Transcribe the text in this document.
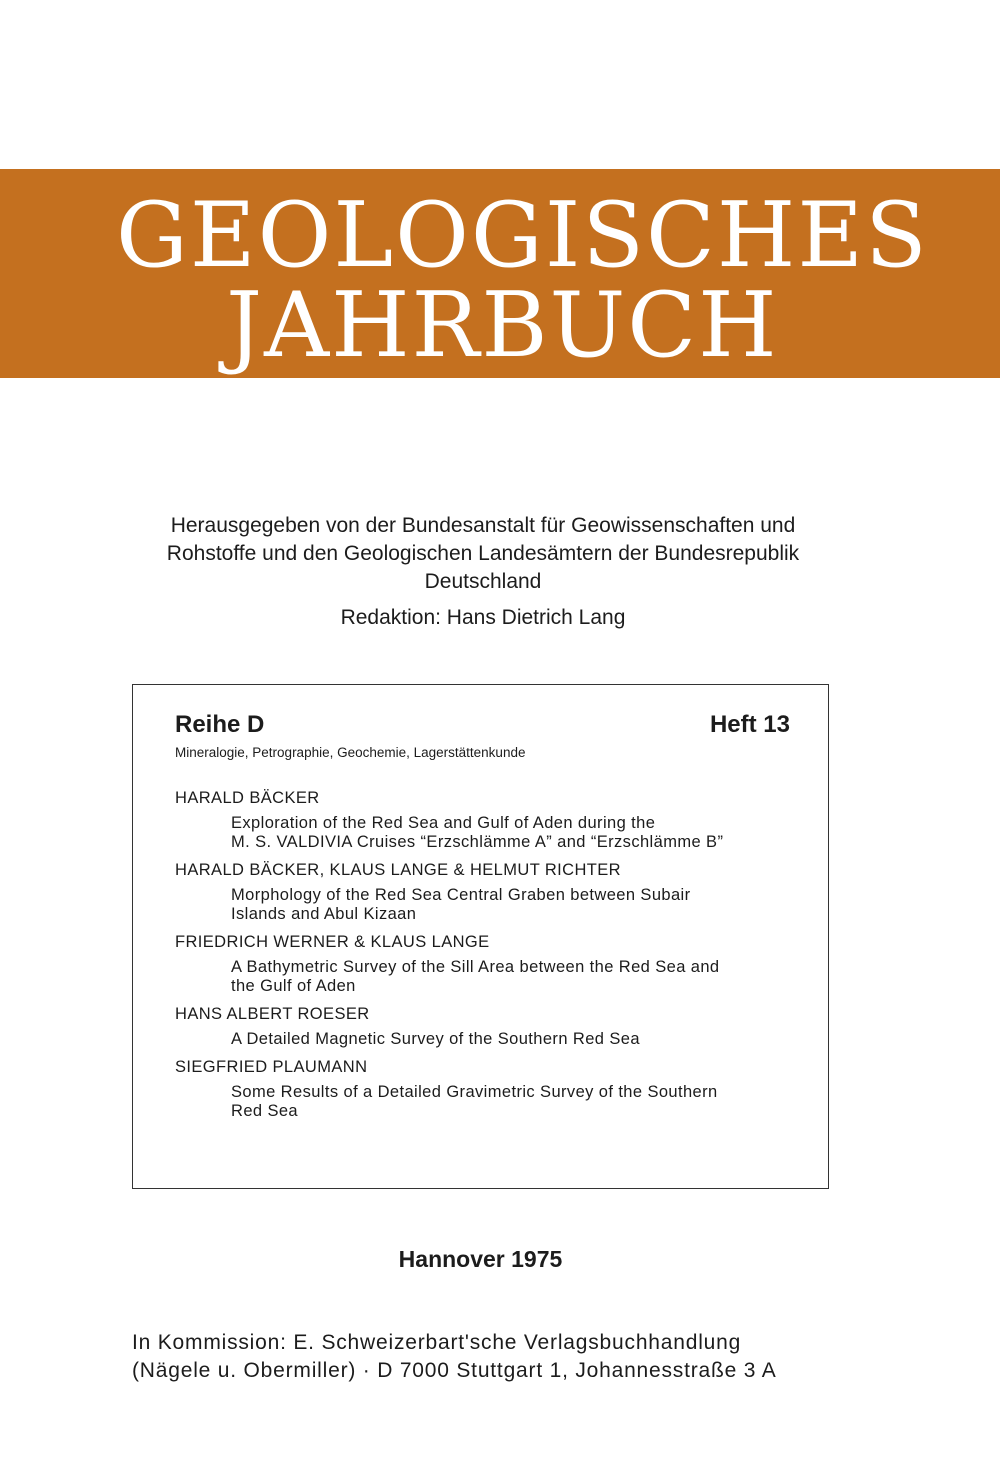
GEOLOGISCHES
JAHRBUCH
Herausgegeben von der Bundesanstalt für Geowissenschaften und
Rohstoffe und den Geologischen Landesämtern der Bundesrepublik
Deutschland
Redaktion: Hans Dietrich Lang
Reihe D	Heft 13
Mineralogie, Petrographie, Geochemie, Lagerstättenkunde
HARALD BÄCKER
Exploration of the Red Sea and Gulf of Aden during the
M. S. VALDIVIA Cruises “Erzschlämme A” and “Erzschlämme B”
HARALD BÄCKER, KLAUS LANGE & HELMUT RICHTER
Morphology of the Red Sea Central Graben between Subair
Islands and Abul Kizaan
FRIEDRICH WERNER & KLAUS LANGE
A Bathymetric Survey of the Sill Area between the Red Sea and
the Gulf of Aden
HANS ALBERT ROESER
A Detailed Magnetic Survey of the Southern Red Sea
SIEGFRIED PLAUMANN
Some Results of a Detailed Gravimetric Survey of the Southern
Red Sea
Hannover 1975
In Kommission: E. Schweizerbart'sche Verlagsbuchhandlung
(Nägele u. Obermiller) · D 7000 Stuttgart 1, Johannesstraße 3 A
